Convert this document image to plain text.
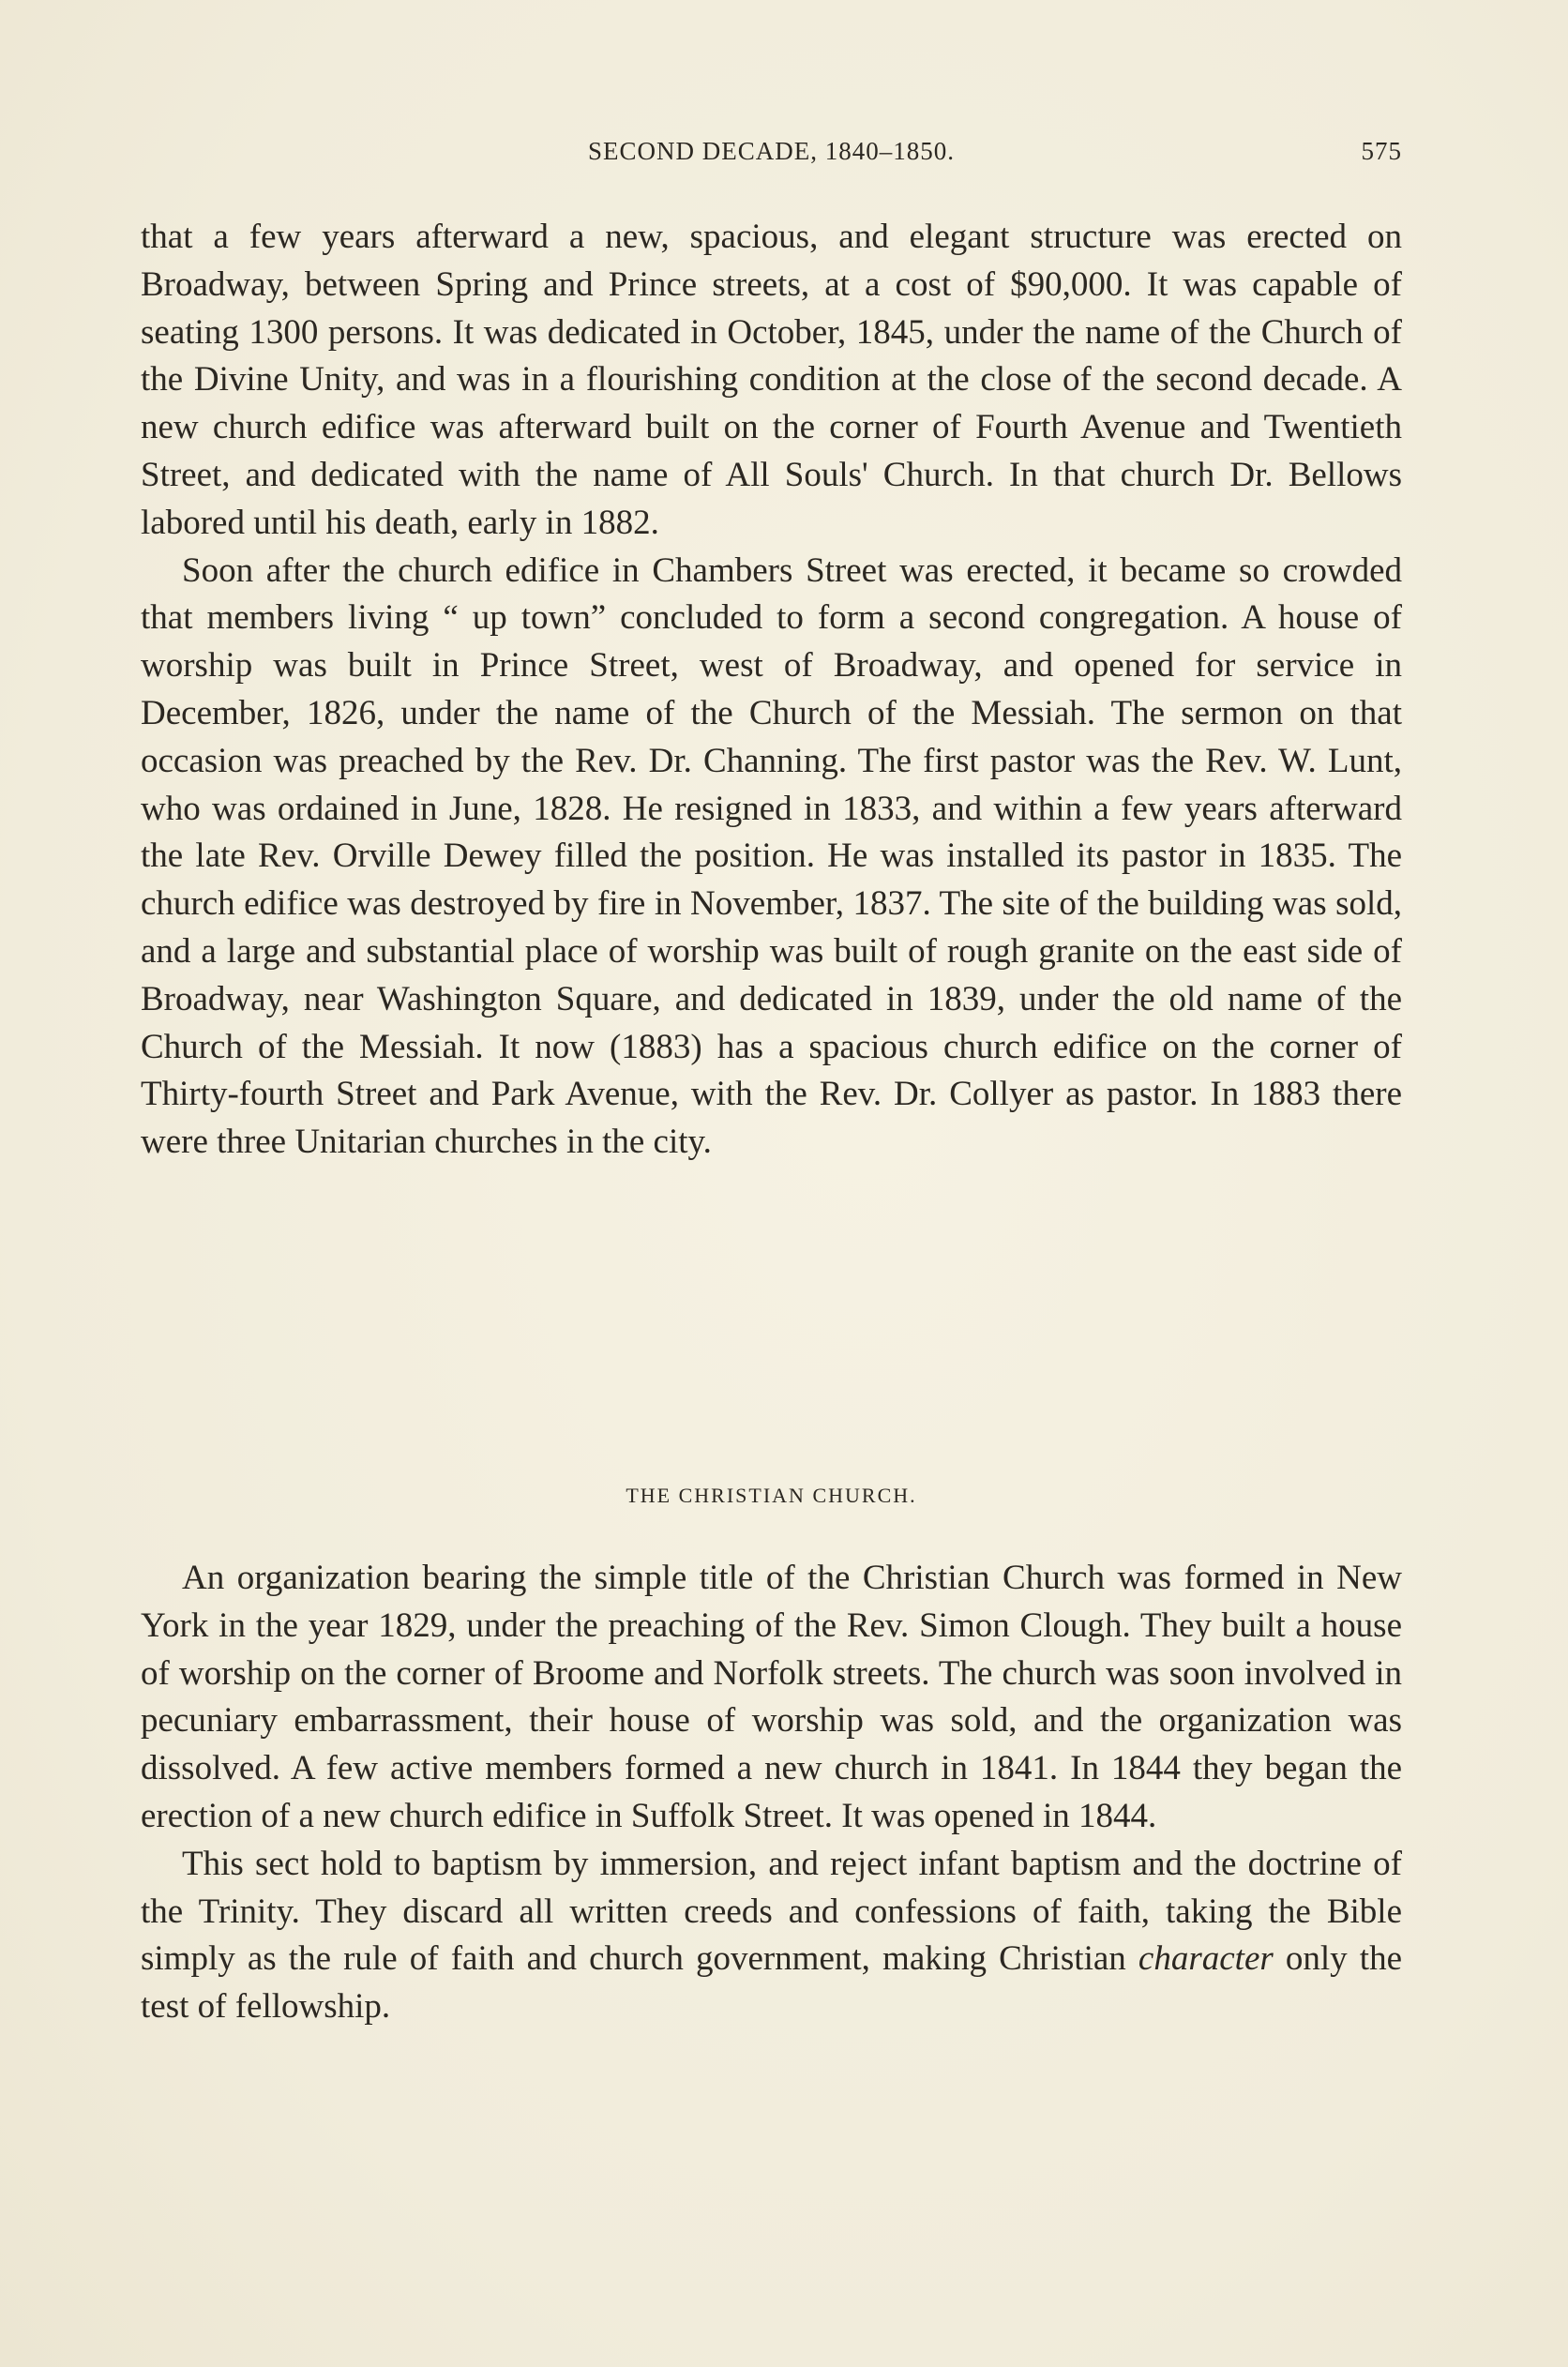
SECOND DECADE, 1840–1850.	575

that a few years afterward a new, spacious, and elegant structure was erected on Broadway, between Spring and Prince streets, at a cost of $90,000. It was capable of seating 1300 persons. It was dedicated in October, 1845, under the name of the Church of the Divine Unity, and was in a flourishing condition at the close of the second decade. A new church edifice was afterward built on the corner of Fourth Avenue and Twentieth Street, and dedicated with the name of All Souls' Church. In that church Dr. Bellows labored until his death, early in 1882.

Soon after the church edifice in Chambers Street was erected, it became so crowded that members living “ up town” concluded to form a second congregation. A house of worship was built in Prince Street, west of Broadway, and opened for service in December, 1826, under the name of the Church of the Messiah. The sermon on that occasion was preached by the Rev. Dr. Channing. The first pastor was the Rev. W. Lunt, who was ordained in June, 1828. He resigned in 1833, and within a few years afterward the late Rev. Orville Dewey filled the position. He was installed its pastor in 1835. The church edifice was destroyed by fire in November, 1837. The site of the building was sold, and a large and substantial place of worship was built of rough granite on the east side of Broadway, near Washington Square, and dedicated in 1839, under the old name of the Church of the Messiah. It now (1883) has a spacious church edifice on the corner of Thirty-fourth Street and Park Avenue, with the Rev. Dr. Collyer as pastor. In 1883 there were three Unitarian churches in the city.

THE CHRISTIAN CHURCH.

An organization bearing the simple title of the Christian Church was formed in New York in the year 1829, under the preaching of the Rev. Simon Clough. They built a house of worship on the corner of Broome and Norfolk streets. The church was soon involved in pecuniary embarrassment, their house of worship was sold, and the organization was dissolved. A few active members formed a new church in 1841. In 1844 they began the erection of a new church edifice in Suffolk Street. It was opened in 1844.

This sect hold to baptism by immersion, and reject infant baptism and the doctrine of the Trinity. They discard all written creeds and confessions of faith, taking the Bible simply as the rule of faith and church government, making Christian character only the test of fellowship.
